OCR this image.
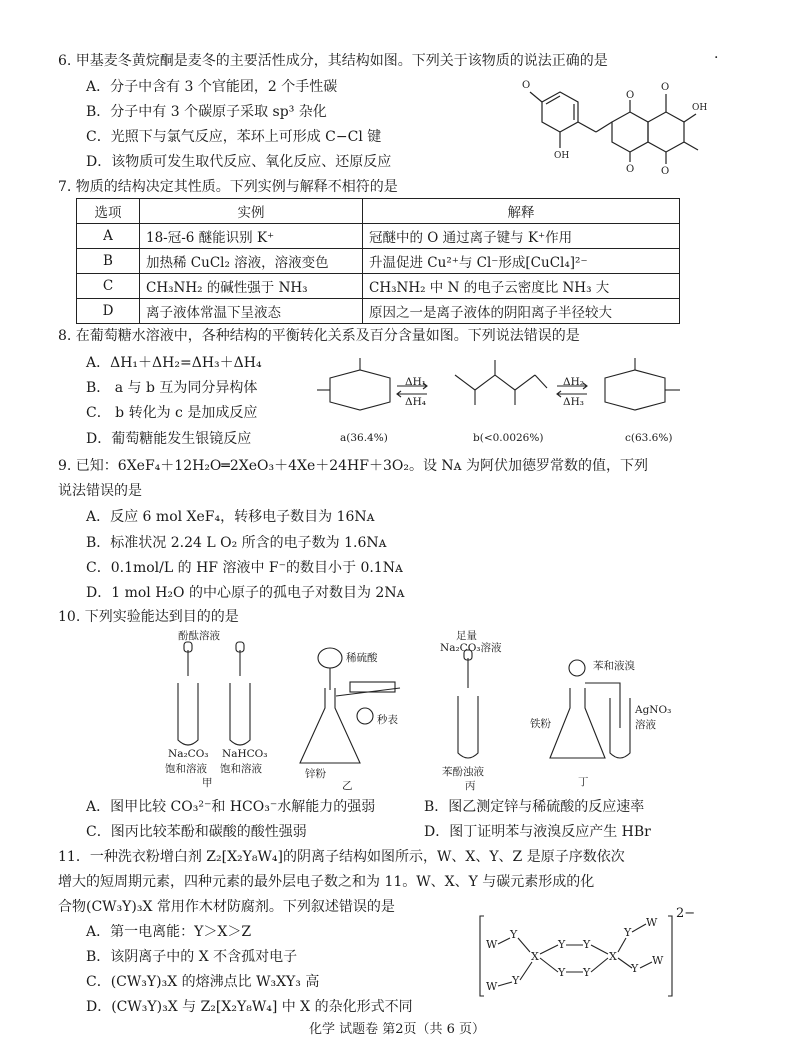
6. 甲基麦冬黄烷酮是麦冬的主要活性成分，其结构如图。下列关于该物质的说法正确的是	·
A．分子中含有 3 个官能团，2 个手性碳
B．分子中有 3 个碳原子采取 sp³ 杂化
C．光照下与氯气反应，苯环上可形成 C−Cl 键
D．该物质可发生取代反应、氧化反应、还原反应
O
OH
O
O
O
OH
O
7. 物质的结构决定其性质。下列实例与解释不相符的是
选项	实例	解释
A	18-冠-6 醚能识别 K⁺	冠醚中的 O 通过离子键与 K⁺作用
B	加热稀 CuCl₂ 溶液，溶液变色	升温促进 Cu²⁺与 Cl⁻形成[CuCl₄]²⁻
C	CH₃NH₂ 的碱性强于 NH₃	CH₃NH₂ 中 N 的电子云密度比 NH₃ 大
D	离子液体常温下呈液态	原因之一是离子液体的阴阳离子半径较大
8. 在葡萄糖水溶液中，各种结构的平衡转化关系及百分含量如图。下列说法错误的是
A．ΔH₁＋ΔH₂=ΔH₃＋ΔH₄
B． a 与 b 互为同分异构体
C． b 转化为 c 是加成反应
D．葡萄糖能发生银镜反应
ΔH₁
ΔH₄
ΔH₂
ΔH₃
a(36.4%)	b(<0.0026%)	c(63.6%)
9. 已知：6XeF₄＋12H₂O═2XeO₃＋4Xe＋24HF＋3O₂。设 Nᴀ 为阿伏加德罗常数的值，下列
说法错误的是
A．反应 6 mol XeF₄，转移电子数目为 16Nᴀ
B．标准状况 2.24 L O₂ 所含的电子数为 1.6Nᴀ
C．0.1mol/L 的 HF 溶液中 F⁻的数目小于 0.1Nᴀ
D．1 mol H₂O 的中心原子的孤电子对数目为 2Nᴀ
10. 下列实验能达到目的的是
酚酞溶液
Na₂CO₃ NaHCO₃
饱和溶液 饱和溶液
甲
稀硫酸
秒表
锌粉
乙
足量
Na₂CO₃溶液
苯酚浊液
丙
苯和液溴
铁粉
AgNO₃
溶液
丁
A．图甲比较 CO₃²⁻和 HCO₃⁻水解能力的强弱	B．图乙测定锌与稀硫酸的反应速率
C．图丙比较苯酚和碳酸的酸性强弱	D．图丁证明苯与液溴反应产生 HBr
11．一种洗衣粉增白剂 Z₂[X₂Y₈W₄]的阴离子结构如图所示，W、X、Y、Z 是原子序数依次
增大的短周期元素，四种元素的最外层电子数之和为 11。W、X、Y 与碳元素形成的化
合物(CW₃Y)₃X 常用作木材防腐剂。下列叙述错误的是
A．第一电离能：Y＞X＞Z
B．该阴离子中的 X 不含孤对电子
C．(CW₃Y)₃X 的熔沸点比 W₃XY₃ 高
D．(CW₃Y)₃X 与 Z₂[X₂Y₈W₄] 中 X 的杂化形式不同
W
Y
X
Y
Y
Y
Y
X
Y
W
Y
W
W Y
2−
化学 试题卷 第2页（共 6 页）
